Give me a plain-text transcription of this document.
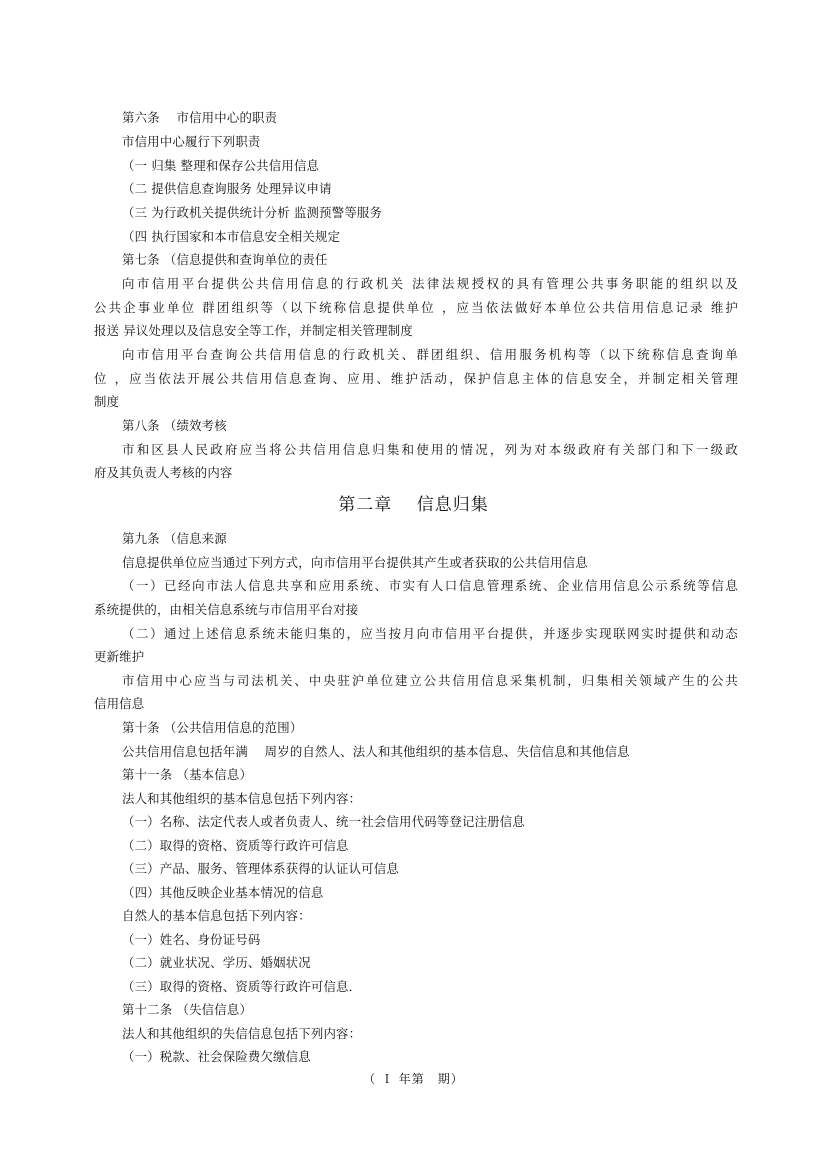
第六条　 市信用中心的职责
市信用中心履行下列职责
（一 归集 整理和保存公共信用信息
（二 提供信息查询服务 处理异议申请
（三 为行政机关提供统计分析 监测预警等服务
（四 执行国家和本市信息安全相关规定
第七条 （信息提供和查询单位的责任
向市信用平台提供公共信用信息的行政机关 法律法规授权的具有管理公共事务职能的组织以及
公共企事业单位 群团组织等（以下统称信息提供单位 ，应当依法做好本单位公共信用信息记录 维护
报送 异议处理以及信息安全等工作，并制定相关管理制度
向市信用平台查询公共信用信息的行政机关、群团组织、信用服务机构等（以下统称信息查询单
位 ，应当依法开展公共信用信息查询、应用、维护活动，保护信息主体的信息安全，并制定相关管理
制度
第八条 （绩效考核
市和区县人民政府应当将公共信用信息归集和使用的情况，列为对本级政府有关部门和下一级政
府及其负责人考核的内容
第二章　 信息归集
第九条 （信息来源
信息提供单位应当通过下列方式，向市信用平台提供其产生或者获取的公共信用信息
（一）已经向市法人信息共享和应用系统、市实有人口信息管理系统、企业信用信息公示系统等信息
系统提供的，由相关信息系统与市信用平台对接
（二）通过上述信息系统未能归集的，应当按月向市信用平台提供，并逐步实现联网实时提供和动态
更新维护
市信用中心应当与司法机关、中央驻沪单位建立公共信用信息采集机制，归集相关领域产生的公共
信用信息
第十条 （公共信用信息的范围）
公共信用信息包括年满　 周岁的自然人、法人和其他组织的基本信息、失信信息和其他信息
第十一条 （基本信息）
法人和其他组织的基本信息包括下列内容：
（一）名称、法定代表人或者负责人、统一社会信用代码等登记注册信息
（二）取得的资格、资质等行政许可信息
（三）产品、服务、管理体系获得的认证认可信息
（四）其他反映企业基本情况的信息
自然人的基本信息包括下列内容：
（一）姓名、身份证号码
（二）就业状况、学历、婚姻状况
（三）取得的资格、资质等行政许可信息．
第十二条 （失信信息）
法人和其他组织的失信信息包括下列内容：
（一）税款、社会保险费欠缴信息
（ Ｉ 年第　期）
